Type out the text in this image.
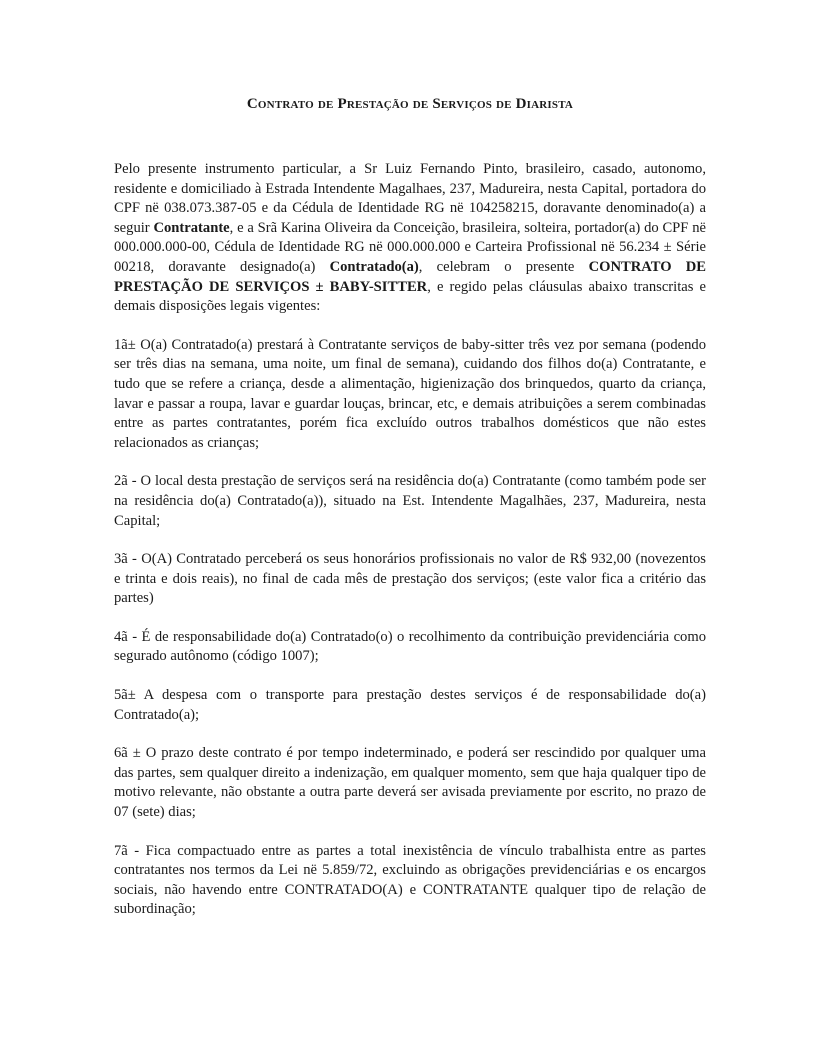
Contrato de Prestação de Serviços de Diarista

Pelo presente instrumento particular, a Sr Luiz Fernando Pinto, brasileiro, casado, autonomo, residente e domiciliado à Estrada Intendente Magalhaes, 237, Madureira, nesta Capital, portadora do CPF në 038.073.387-05 e da Cédula de Identidade RG në 104258215, doravante denominado(a) a seguir Contratante, e a Srã Karina Oliveira da Conceição, brasileira, solteira, portador(a) do CPF në 000.000.000-00, Cédula de Identidade RG në 000.000.000 e Carteira Profissional në 56.234 ± Série 00218, doravante designado(a) Contratado(a), celebram o presente CONTRATO DE PRESTAÇÃO DE SERVIÇOS ± BABY-SITTER, e regido pelas cláusulas abaixo transcritas e demais disposições legais vigentes:

1ã± O(a) Contratado(a) prestará à Contratante serviços de baby-sitter três vez por semana (podendo ser três dias na semana, uma noite, um final de semana), cuidando dos filhos do(a) Contratante, e tudo que se refere a criança, desde a alimentação, higienização dos brinquedos, quarto da criança, lavar e passar a roupa, lavar e guardar louças, brincar, etc, e demais atribuições a serem combinadas entre as partes contratantes, porém fica excluído outros trabalhos domésticos que não estes relacionados as crianças;

2ã - O local desta prestação de serviços será na residência do(a) Contratante (como também pode ser na residência do(a) Contratado(a)), situado na Est. Intendente Magalhães, 237, Madureira, nesta Capital;

3ã - O(A) Contratado perceberá os seus honorários profissionais no valor de R$ 932,00 (novezentos e trinta e dois reais), no final de cada mês de prestação dos serviços; (este valor fica a critério das partes)

4ã - É de responsabilidade do(a) Contratado(o) o recolhimento da contribuição previdenciária como segurado autônomo (código 1007);

5ã± A despesa com o transporte para prestação destes serviços é de responsabilidade do(a) Contratado(a);

6ã ± O prazo deste contrato é por tempo indeterminado, e poderá ser rescindido por qualquer uma das partes, sem qualquer direito a indenização, em qualquer momento, sem que haja qualquer tipo de motivo relevante, não obstante a outra parte deverá ser avisada previamente por escrito, no prazo de 07 (sete) dias;

7ã - Fica compactuado entre as partes a total inexistência de vínculo trabalhista entre as partes contratantes nos termos da Lei në 5.859/72, excluindo as obrigações previdenciárias e os encargos sociais, não havendo entre CONTRATADO(A) e CONTRATANTE qualquer tipo de relação de subordinação;
